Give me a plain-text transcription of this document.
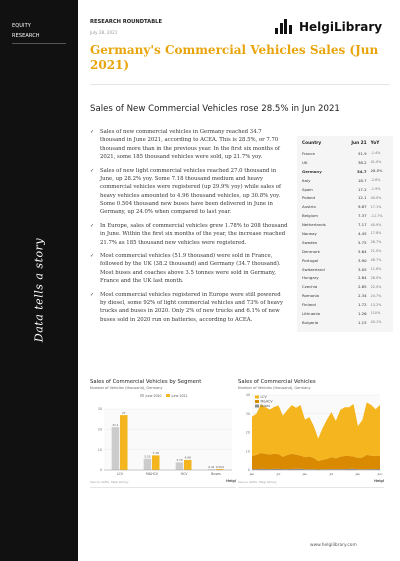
EQUITY
RESEARCH
Data tells a story
RESEARCH ROUNDTABLE
July 28, 2021	HelgiLibrary
Germany's Commercial Vehicles Sales (Jun 2021)
Sales of New Commercial Vehicles rose 28.5% in Jun 2021
✓ Sales of new commercial vehicles in Germany reached 34.7 thousand in June 2021, according to ACEA. This is 28.5%, or 7.70 thousand more than in the previous year. In the first six months of 2021, some 185 thousand vehicles were sold, up 21.7% yoy.
✓ Sales of new light commercial vehicles reached 27.0 thousand in June, up 28.2% yoy. Some 7.18 thousand medium and heavy commercial vehicles were registered (up 29.9% yoy) while sales of heavy vehicles amounted to 4.96 thousand vehicles, up 30.8% yoy. Some 0.504 thousand new buses have been delivered in June in Germany, up 24.0% when compared to last year.
✓ In Europe, sales of commercial vehicles grew 1.78% to 208 thousand in June. Within the first six months of the year, the increase reached 21.7% as 185 thousand new vehicles were registered.
✓ Most commercial vehicles (51.9 thousand) were sold in France, followed by the UK (38.2 thousand) and Germany (34.7 thousand). Most buses and coaches above 3.5 tonnes were sold in Germany, France and the UK last month.
✓ Most commercial vehicles registered in Europe were still powered by diesel, some 92% of light commercial vehicles and 73% of heavy trucks and buses in 2020. Only 2% of new trucks and 6.1% of new buses sold in 2020 run on batteries, according to ACEA.
Country	Jun 21	YoY
France	51.9	-1.4%
UK	38.2	41.0%
Germany	34.7	28.5%
Italy	18.7	-2.6%
Spain	17.2	-1.9%
Poland	12.1	40.0%
Austria	9.87	17.1%
Belgium	7.37	-11.7%
Netherlands	7.17	40.9%
Norway	4.45	17.8%
Sweden	5.75	26.7%
Denmark	5.64	21.0%
Portugal	3.90	46.7%
Switzerland	3.05	11.6%
Hungary	2.84	26.0%
Czechia	2.85	22.0%
Romania	2.34	24.7%
Finland	1.72	13.2%
Lithuania	1.26	110%
Bulgaria	1.15	40.1%
Sales of Commercial Vehicles by Segment
Number of Vehicles (thousand), Germany
0
10
20
30
June 2020	June 2021
21.1
27
LCV
5.53
7.18
M&HCV
3.79
4.96
HCV
0.41 0.504
Buses
Source: ACEA, Helgi Library	Helgi
Sales of Commercial Vehicles
Number of Vehicles (thousand), Germany
0
10
20
30
40	LCV
M&HCV
Buses
Jan	Jul	Jan	Jul	Jan	Jun
Source: ACEA, Helgi Library	Helgi
www.helgilibrary.com
